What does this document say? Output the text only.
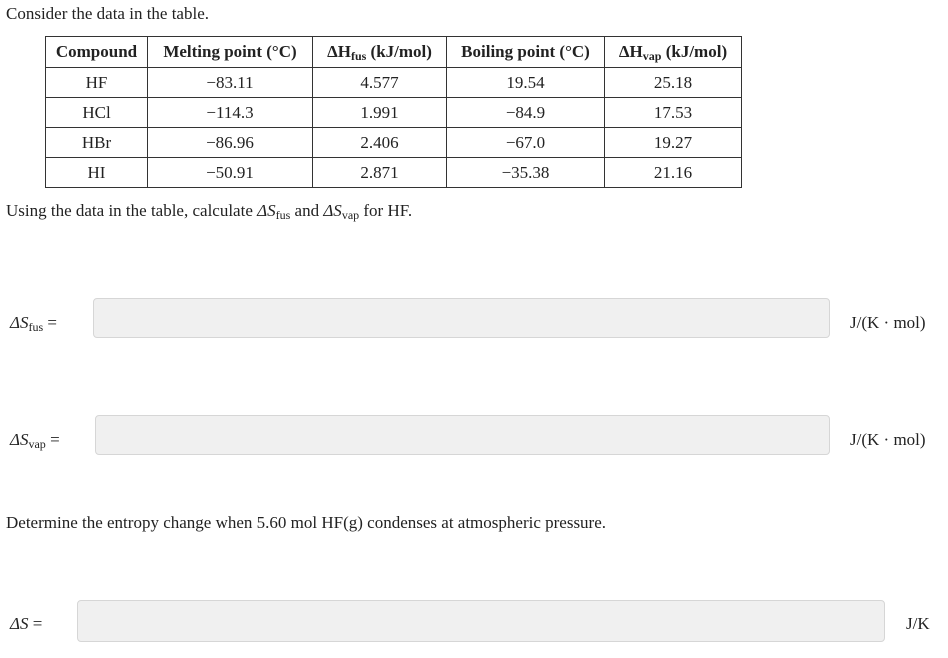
Consider the data in the table.
Compound	Melting point (°C)	$\Delta H_{fus}$ (kJ/mol)	Boiling point (°C)	$\Delta H_{vap}$ (kJ/mol)
HF	−83.11	4.577	19.54	25.18
HCl	−114.3	1.991	−84.9	17.53
HBr	−86.96	2.406	−67.0	19.27
HI	−50.91	2.871	−35.38	21.16
Using the data in the table, calculate $\Delta S_{fus}$ and $\Delta S_{vap}$ for HF.
$\Delta S_{fus}$ =	J/(K · mol)
$\Delta S_{vap}$ =	J/(K · mol)
Determine the entropy change when 5.60 mol HF(g) condenses at atmospheric pressure.
ΔS =	J/K
